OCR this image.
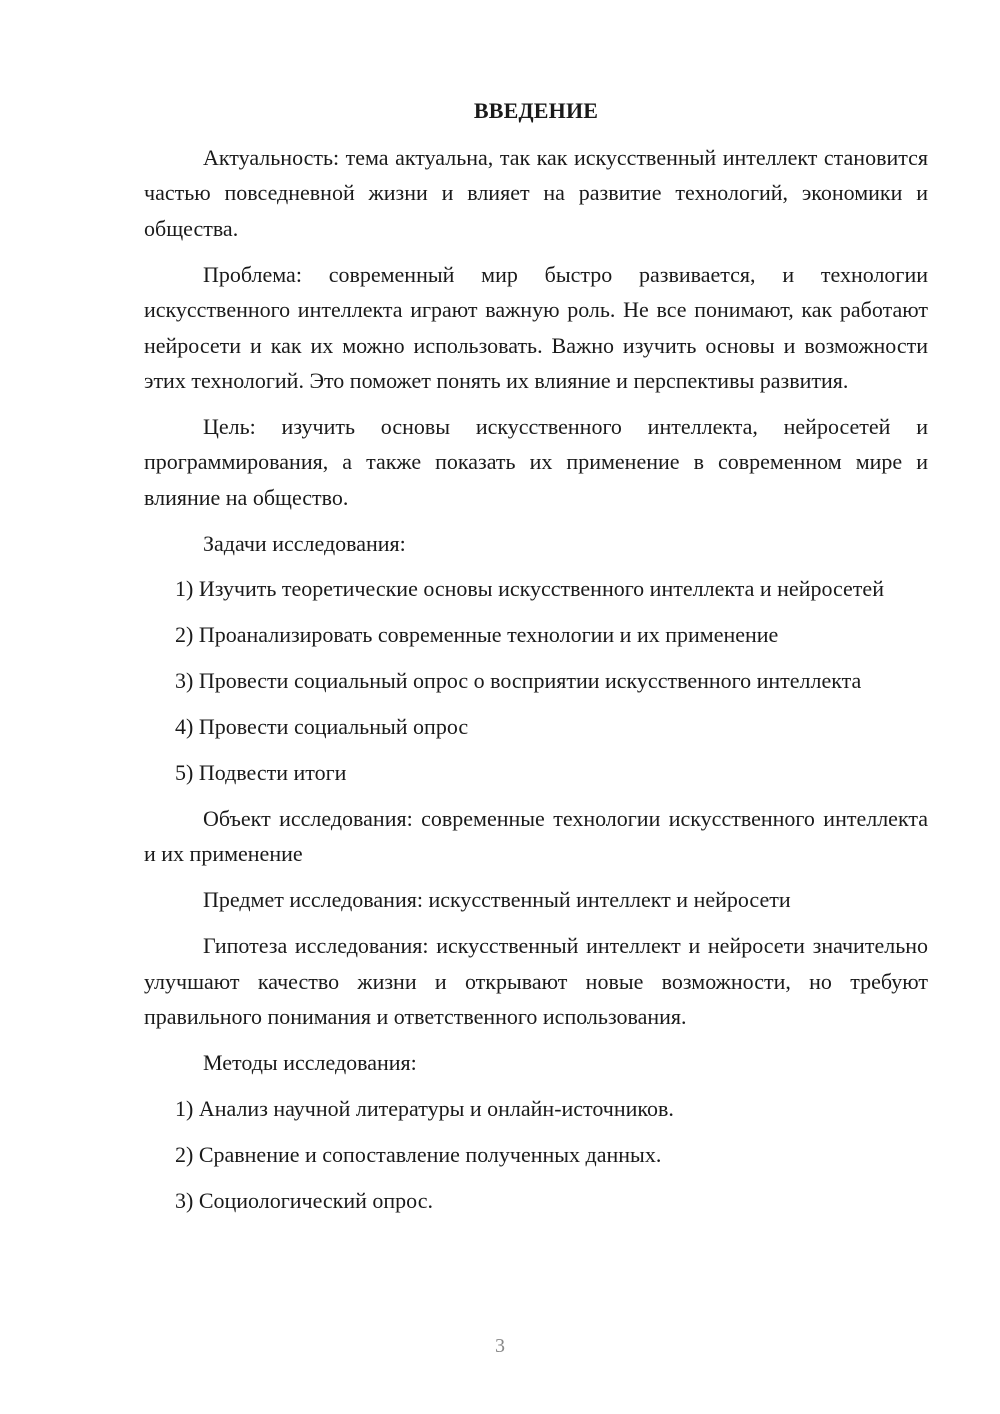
ВВЕДЕНИЕ

Актуальность: тема актуальна, так как искусственный интеллект становится частью повседневной жизни и влияет на развитие технологий, экономики и общества.

Проблема: современный мир быстро развивается, и технологии искусственного интеллекта играют важную роль. Не все понимают, как работают нейросети и как их можно использовать. Важно изучить основы и возможности этих технологий. Это поможет понять их влияние и перспективы развития.

Цель: изучить основы искусственного интеллекта, нейросетей и программирования, а также показать их применение в современном мире и влияние на общество.

Задачи исследования:

1) Изучить теоретические основы искусственного интеллекта и нейросетей

2) Проанализировать современные технологии и их применение

3) Провести социальный опрос о восприятии искусственного интеллекта

4) Провести социальный опрос

5) Подвести итоги

Объект исследования: современные технологии искусственного интеллекта и их применение

Предмет исследования: искусственный интеллект и нейросети

Гипотеза исследования: искусственный интеллект и нейросети значительно улучшают качество жизни и открывают новые возможности, но требуют правильного понимания и ответственного использования.

Методы исследования:

1) Анализ научной литературы и онлайн-источников.

2) Сравнение и сопоставление полученных данных.

3) Социологический опрос.

3
